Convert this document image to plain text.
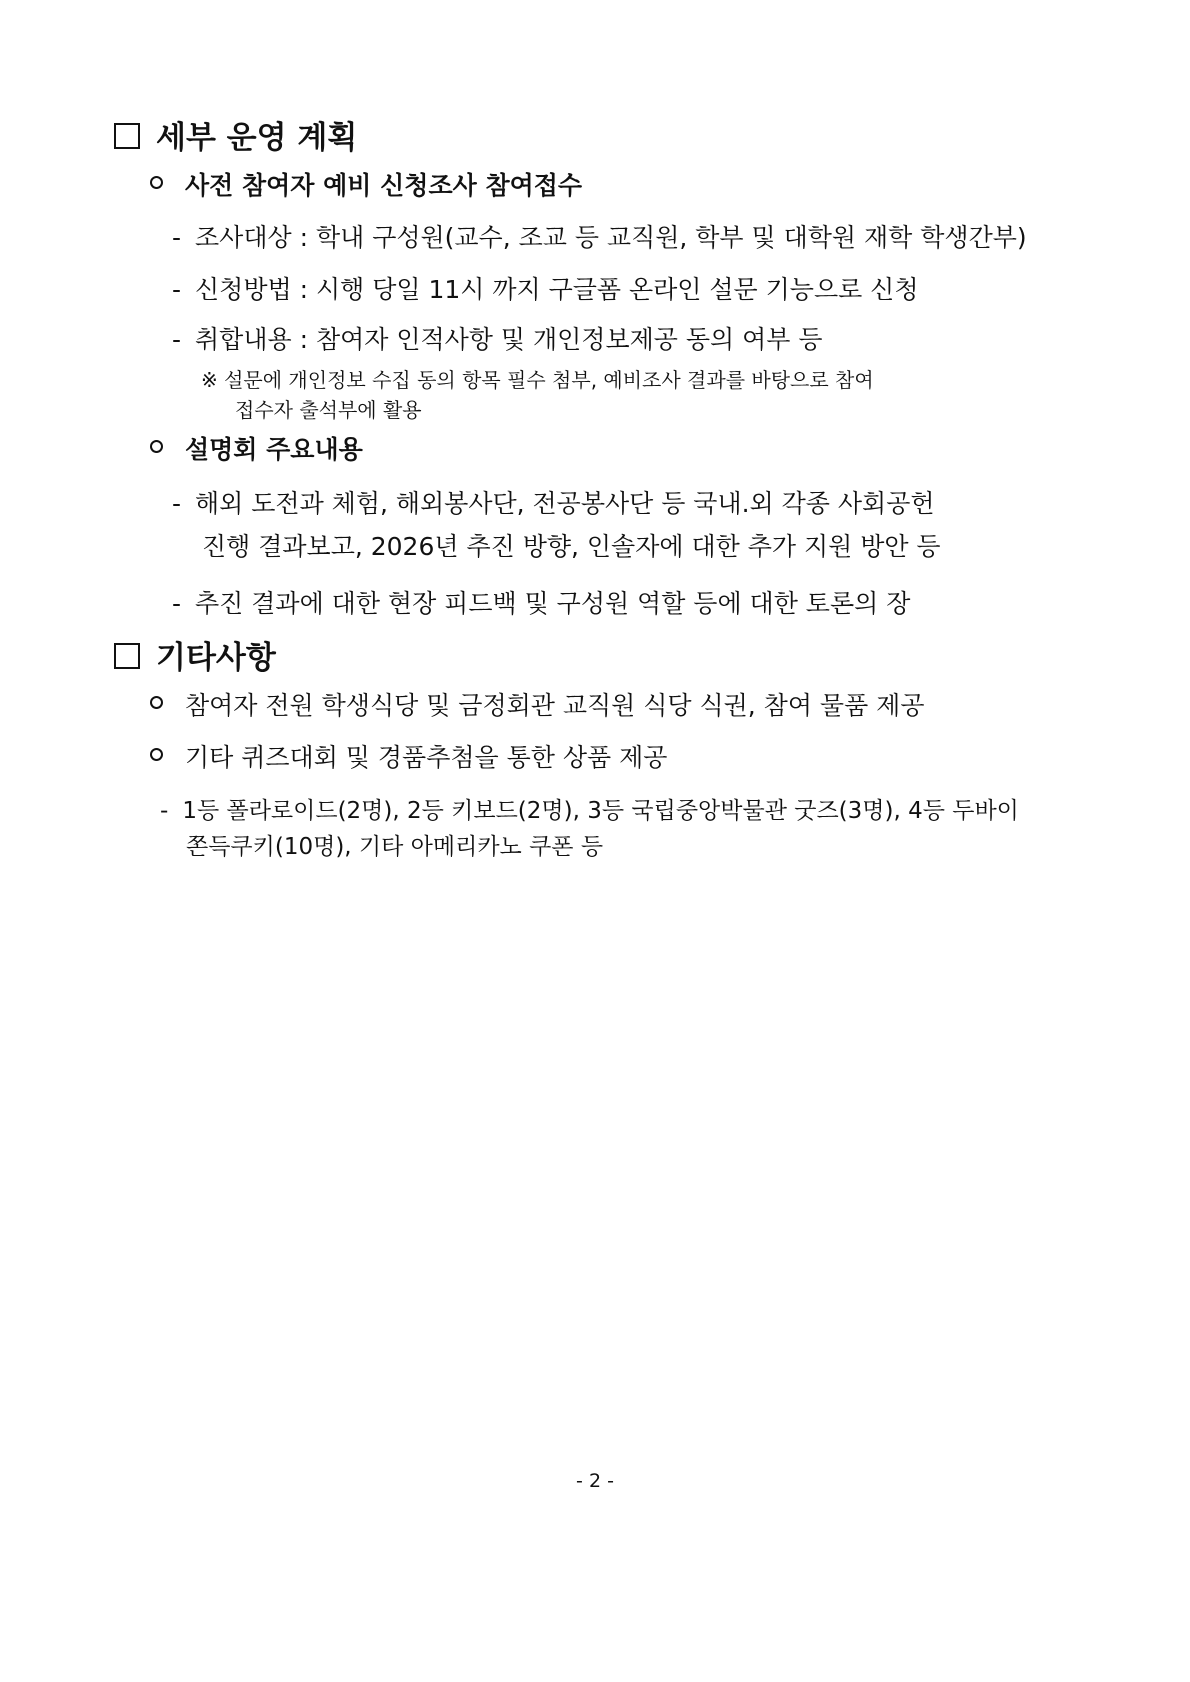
세부 운영 계획
사전 참여자 예비 신청조사 참여접수
- 조사대상 : 학내 구성원(교수, 조교 등 교직원, 학부 및 대학원 재학 학생간부)
- 신청방법 : 시행 당일 11시 까지 구글폼 온라인 설문 기능으로 신청
- 취합내용 : 참여자 인적사항 및 개인정보제공 동의 여부 등
※ 설문에 개인정보 수집 동의 항목 필수 첨부, 예비조사 결과를 바탕으로 참여
접수자 출석부에 활용
설명회 주요내용
- 해외 도전과 체험, 해외봉사단, 전공봉사단 등 국내.외 각종 사회공헌
진행 결과보고, 2026년 추진 방향, 인솔자에 대한 추가 지원 방안 등
- 추진 결과에 대한 현장 피드백 및 구성원 역할 등에 대한 토론의 장
기타사항
참여자 전원 학생식당 및 금정회관 교직원 식당 식권, 참여 물품 제공
기타 퀴즈대회 및 경품추첨을 통한 상품 제공
- 1등 폴라로이드(2명), 2등 키보드(2명), 3등 국립중앙박물관 굿즈(3명), 4등 두바이
쫀득쿠키(10명), 기타 아메리카노 쿠폰 등
- 2 -
